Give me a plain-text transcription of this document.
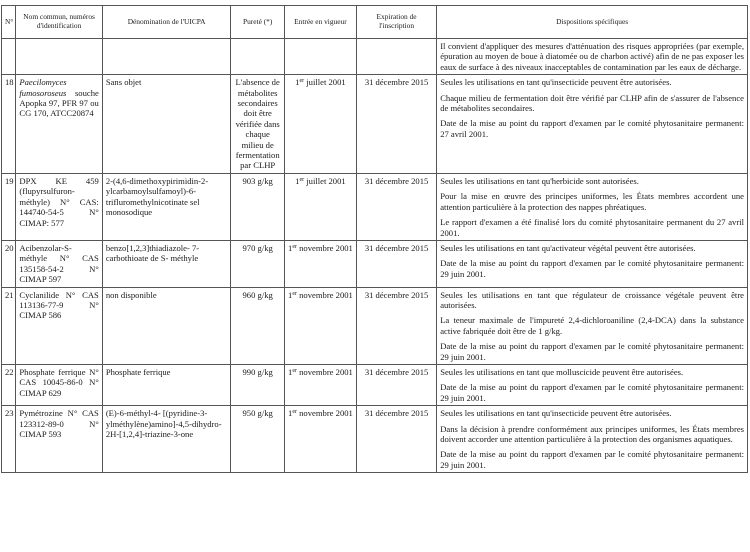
N°	Nom commun, numéros d'identification	Dénomination de l'UICPA	Pureté (*)	Entrée en vigueur	Expiration de l'inscription	Dispositions spécifiques

						Il convient d'appliquer des mesures d'atténuation des risques appropriées (par exemple, épuration au moyen de boue à diatomée ou de charbon activé) afin de ne pas exposer les eaux de surface à des niveaux inacceptables de contamination par les eaux de décharge.

18	Paecilomyces fumosoroseus souche Apopka 97, PFR 97 ou CG 170, ATCC20874	Sans objet	L'absence de métabolites secondaires doit être vérifiée dans chaque milieu de fermentation par CLHP	1er juillet 2001	31 décembre 2015	Seules les utilisations en tant qu'insecticide peuvent être autorisées.

Chaque milieu de fermentation doit être vérifié par CLHP afin de s'assurer de l'absence de métabolites secondaires.

Date de la mise au point du rapport d'examen par le comité phytosanitaire permanent: 27 avril 2001.

19	DPX KE 459 (flupyrsulfuron-méthyle) N° CAS: 144740-54-5 N° CIMAP: 577	2-(4,6-dimethoxypirimidin-2-ylcarbamoylsulfamoyl)-6-trifluromethylnicotinate sel monosodique	903 g/kg	1er juillet 2001	31 décembre 2015	Seules les utilisations en tant qu'herbicide sont autorisées.

Pour la mise en œuvre des principes uniformes, les États membres accordent une attention particulière à la protection des nappes phréatiques.

Le rapport d'examen a été finalisé lors du comité phytosanitaire permanent du 27 avril 2001.

20	Acibenzolar-S-méthyle N° CAS 135158-54-2 N° CIMAP 597	benzo[1,2,3]thiadiazole- 7-carbothioate de S- méthyle	970 g/kg	1er novembre 2001	31 décembre 2015	Seules les utilisations en tant qu'activateur végétal peuvent être autorisées.

Date de la mise au point du rapport d'examen par le comité phytosanitaire permanent: 29 juin 2001.

21	Cyclanilide N° CAS 113136-77-9 N° CIMAP 586	non disponible	960 g/kg	1er novembre 2001	31 décembre 2015	Seules les utilisations en tant que régulateur de croissance végétale peuvent être autorisées.

La teneur maximale de l'impureté 2,4-dichloroaniline (2,4-DCA) dans la substance active fabriquée doit être de 1 g/kg.

Date de la mise au point du rapport d'examen par le comité phytosanitaire permanent: 29 juin 2001.

22	Phosphate ferrique N° CAS 10045-86-0 N° CIMAP 629	Phosphate ferrique	990 g/kg	1er novembre 2001	31 décembre 2015	Seules les utilisations en tant que molluscicide peuvent être autorisées.

Date de la mise au point du rapport d'examen par le comité phytosanitaire permanent: 29 juin 2001.

23	Pymétrozine N° CAS 123312-89-0 N° CIMAP 593	(E)-6-méthyl-4- [(pyridine-3-ylméthylène)amino]-4,5-dihydro-2H-[1,2,4]-triazine-3-one	950 g/kg	1er novembre 2001	31 décembre 2015	Seules les utilisations en tant qu'insecticide peuvent être autorisées.

Dans la décision à prendre conformément aux principes uniformes, les États membres doivent accorder une attention particulière à la protection des organismes aquatiques.

Date de la mise au point du rapport d'examen par le comité phytosanitaire permanent: 29 juin 2001.
